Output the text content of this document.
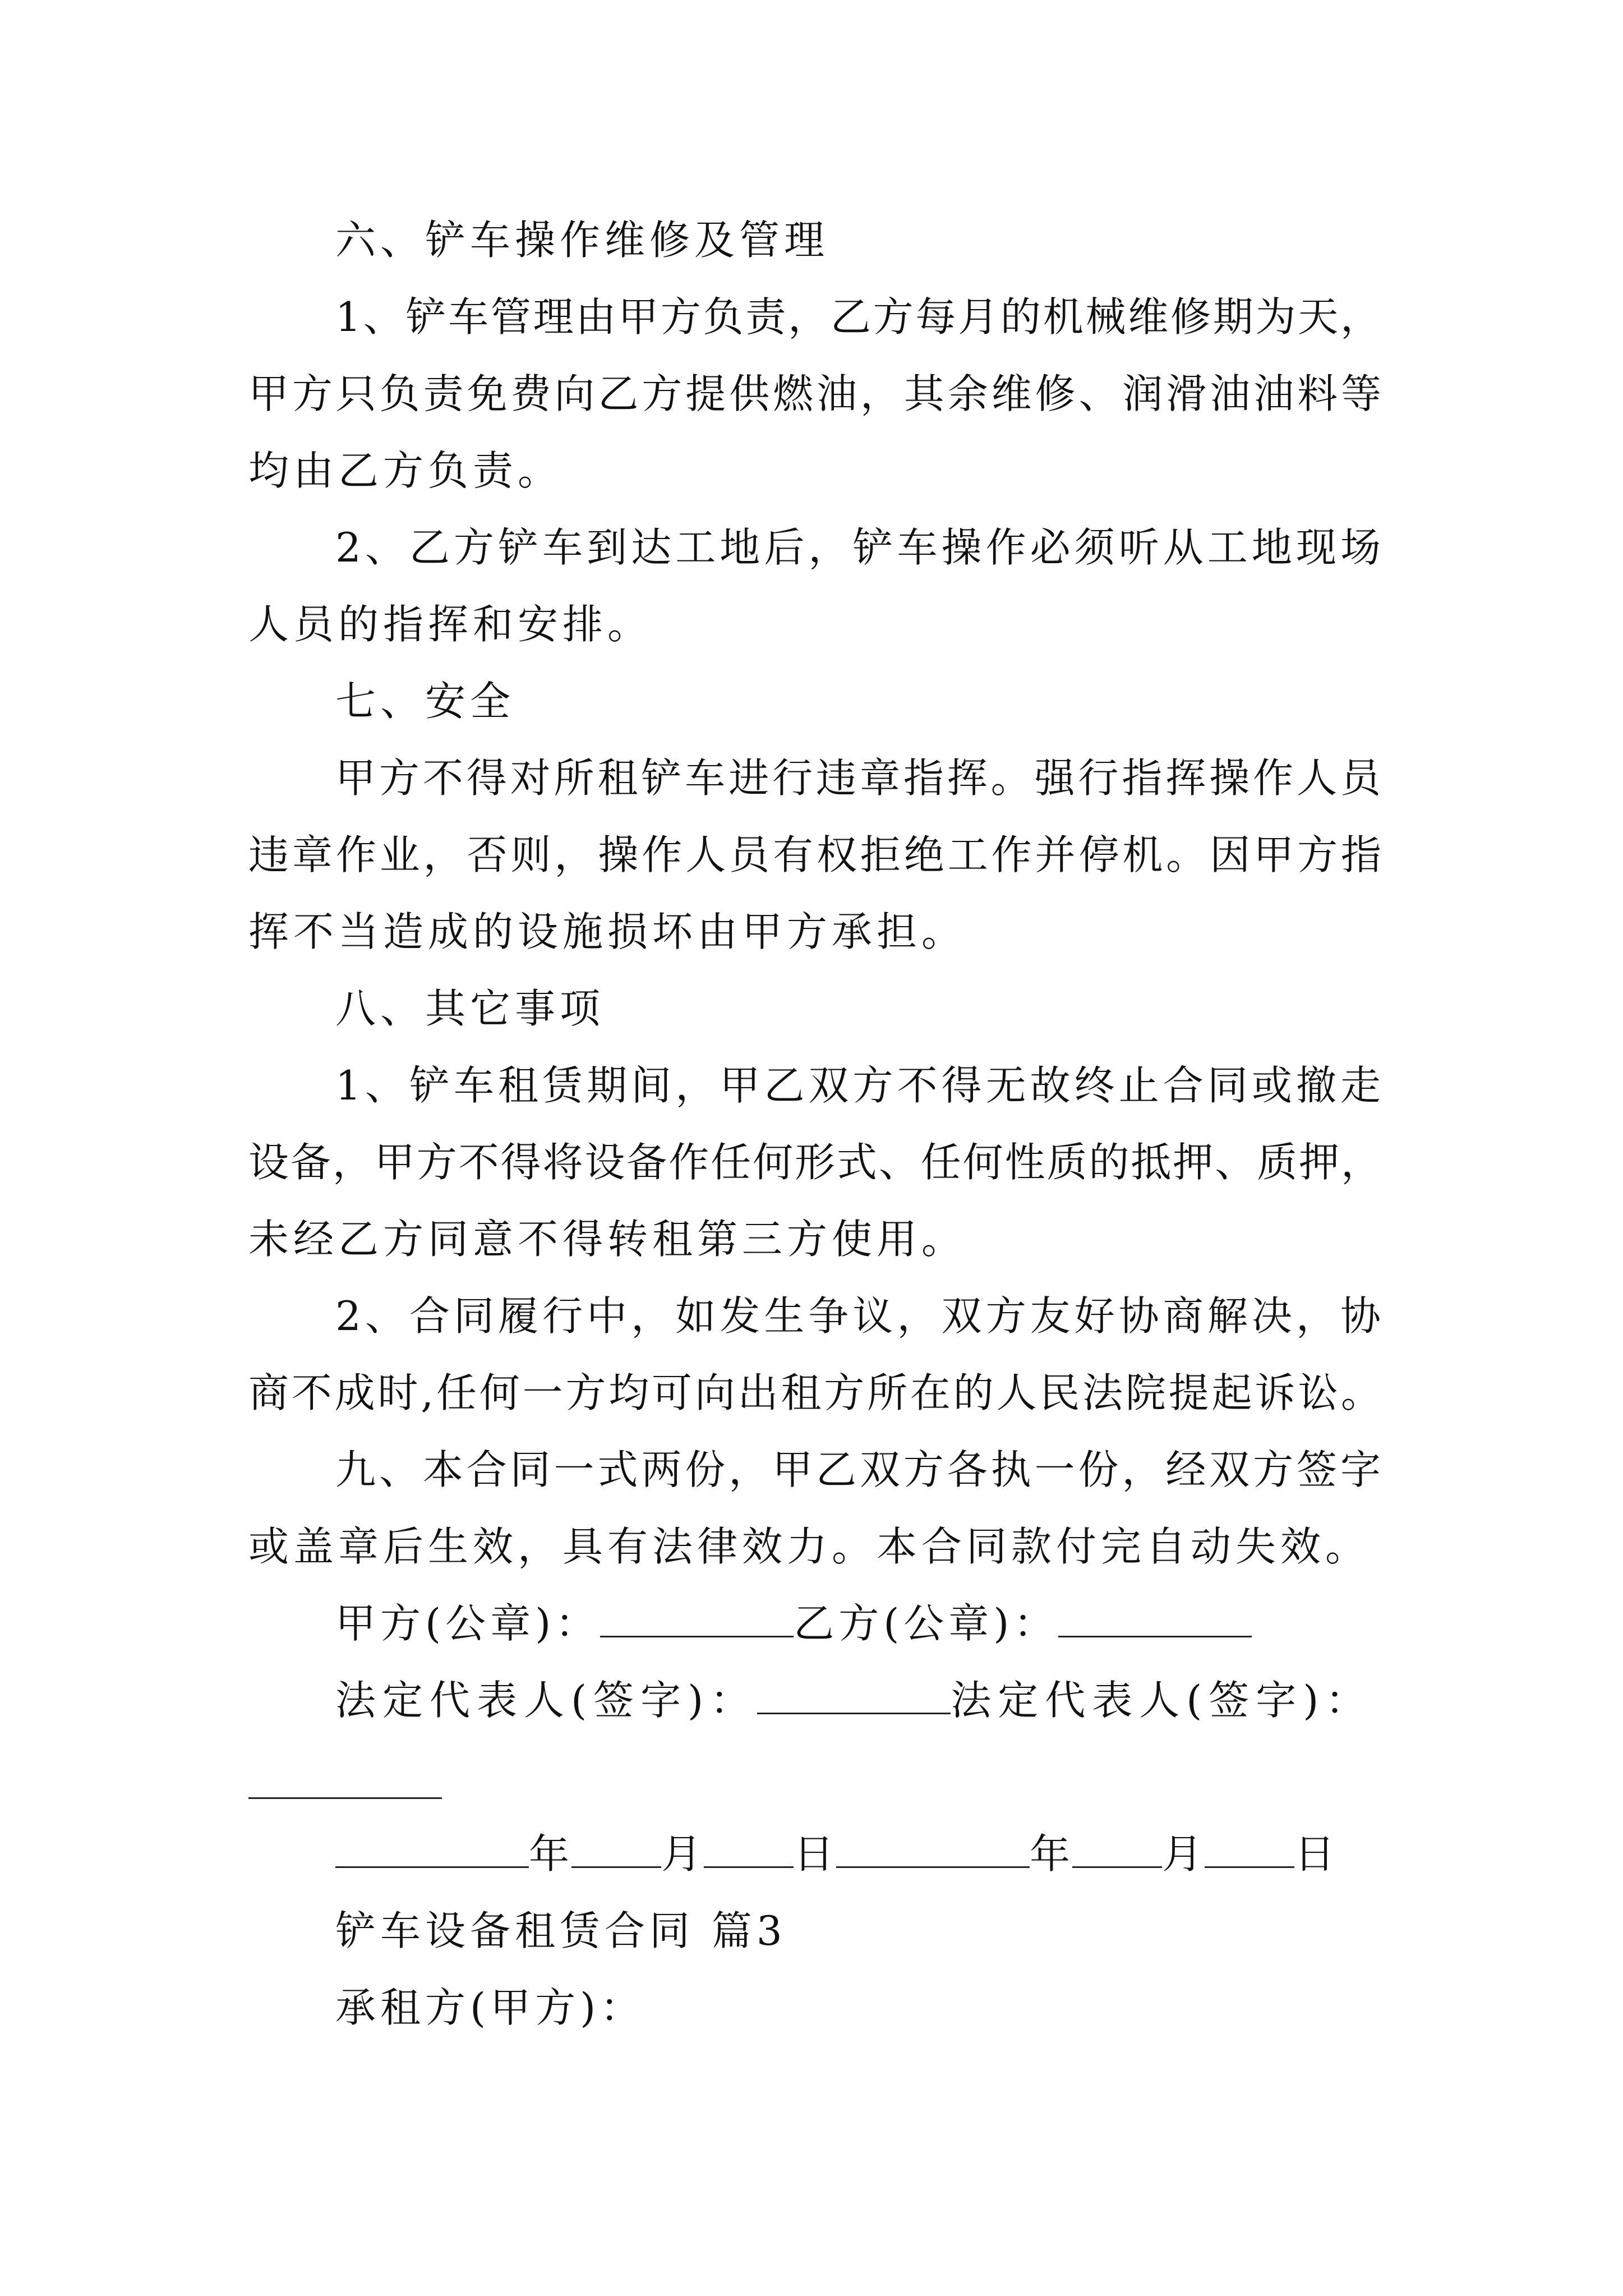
六、铲车操作维修及管理
1、铲车管理由甲方负责，乙方每月的机械维修期为天，
甲方只负责免费向乙方提供燃油，其余维修、润滑油油料等
均由乙方负责。
2、乙方铲车到达工地后，铲车操作必须听从工地现场
人员的指挥和安排。
七、安全
甲方不得对所租铲车进行违章指挥。强行指挥操作人员
违章作业，否则，操作人员有权拒绝工作并停机。因甲方指
挥不当造成的设施损坏由甲方承担。
八、其它事项
1、铲车租赁期间，甲乙双方不得无故终止合同或撤走
设备，甲方不得将设备作任何形式、任何性质的抵押、质押，
未经乙方同意不得转租第三方使用。
2、合同履行中，如发生争议，双方友好协商解决，协
商不成时,任何一方均可向出租方所在的人民法院提起诉讼。
九、本合同一式两份，甲乙双方各执一份，经双方签字
或盖章后生效，具有法律效力。本合同款付完自动失效。
甲方(公章)：	乙方(公章)：
法定代表人(签字)：	法定代表人(签字)：
年 月 日	年 月 日
铲车设备租赁合同 篇3
承租方(甲方)：
